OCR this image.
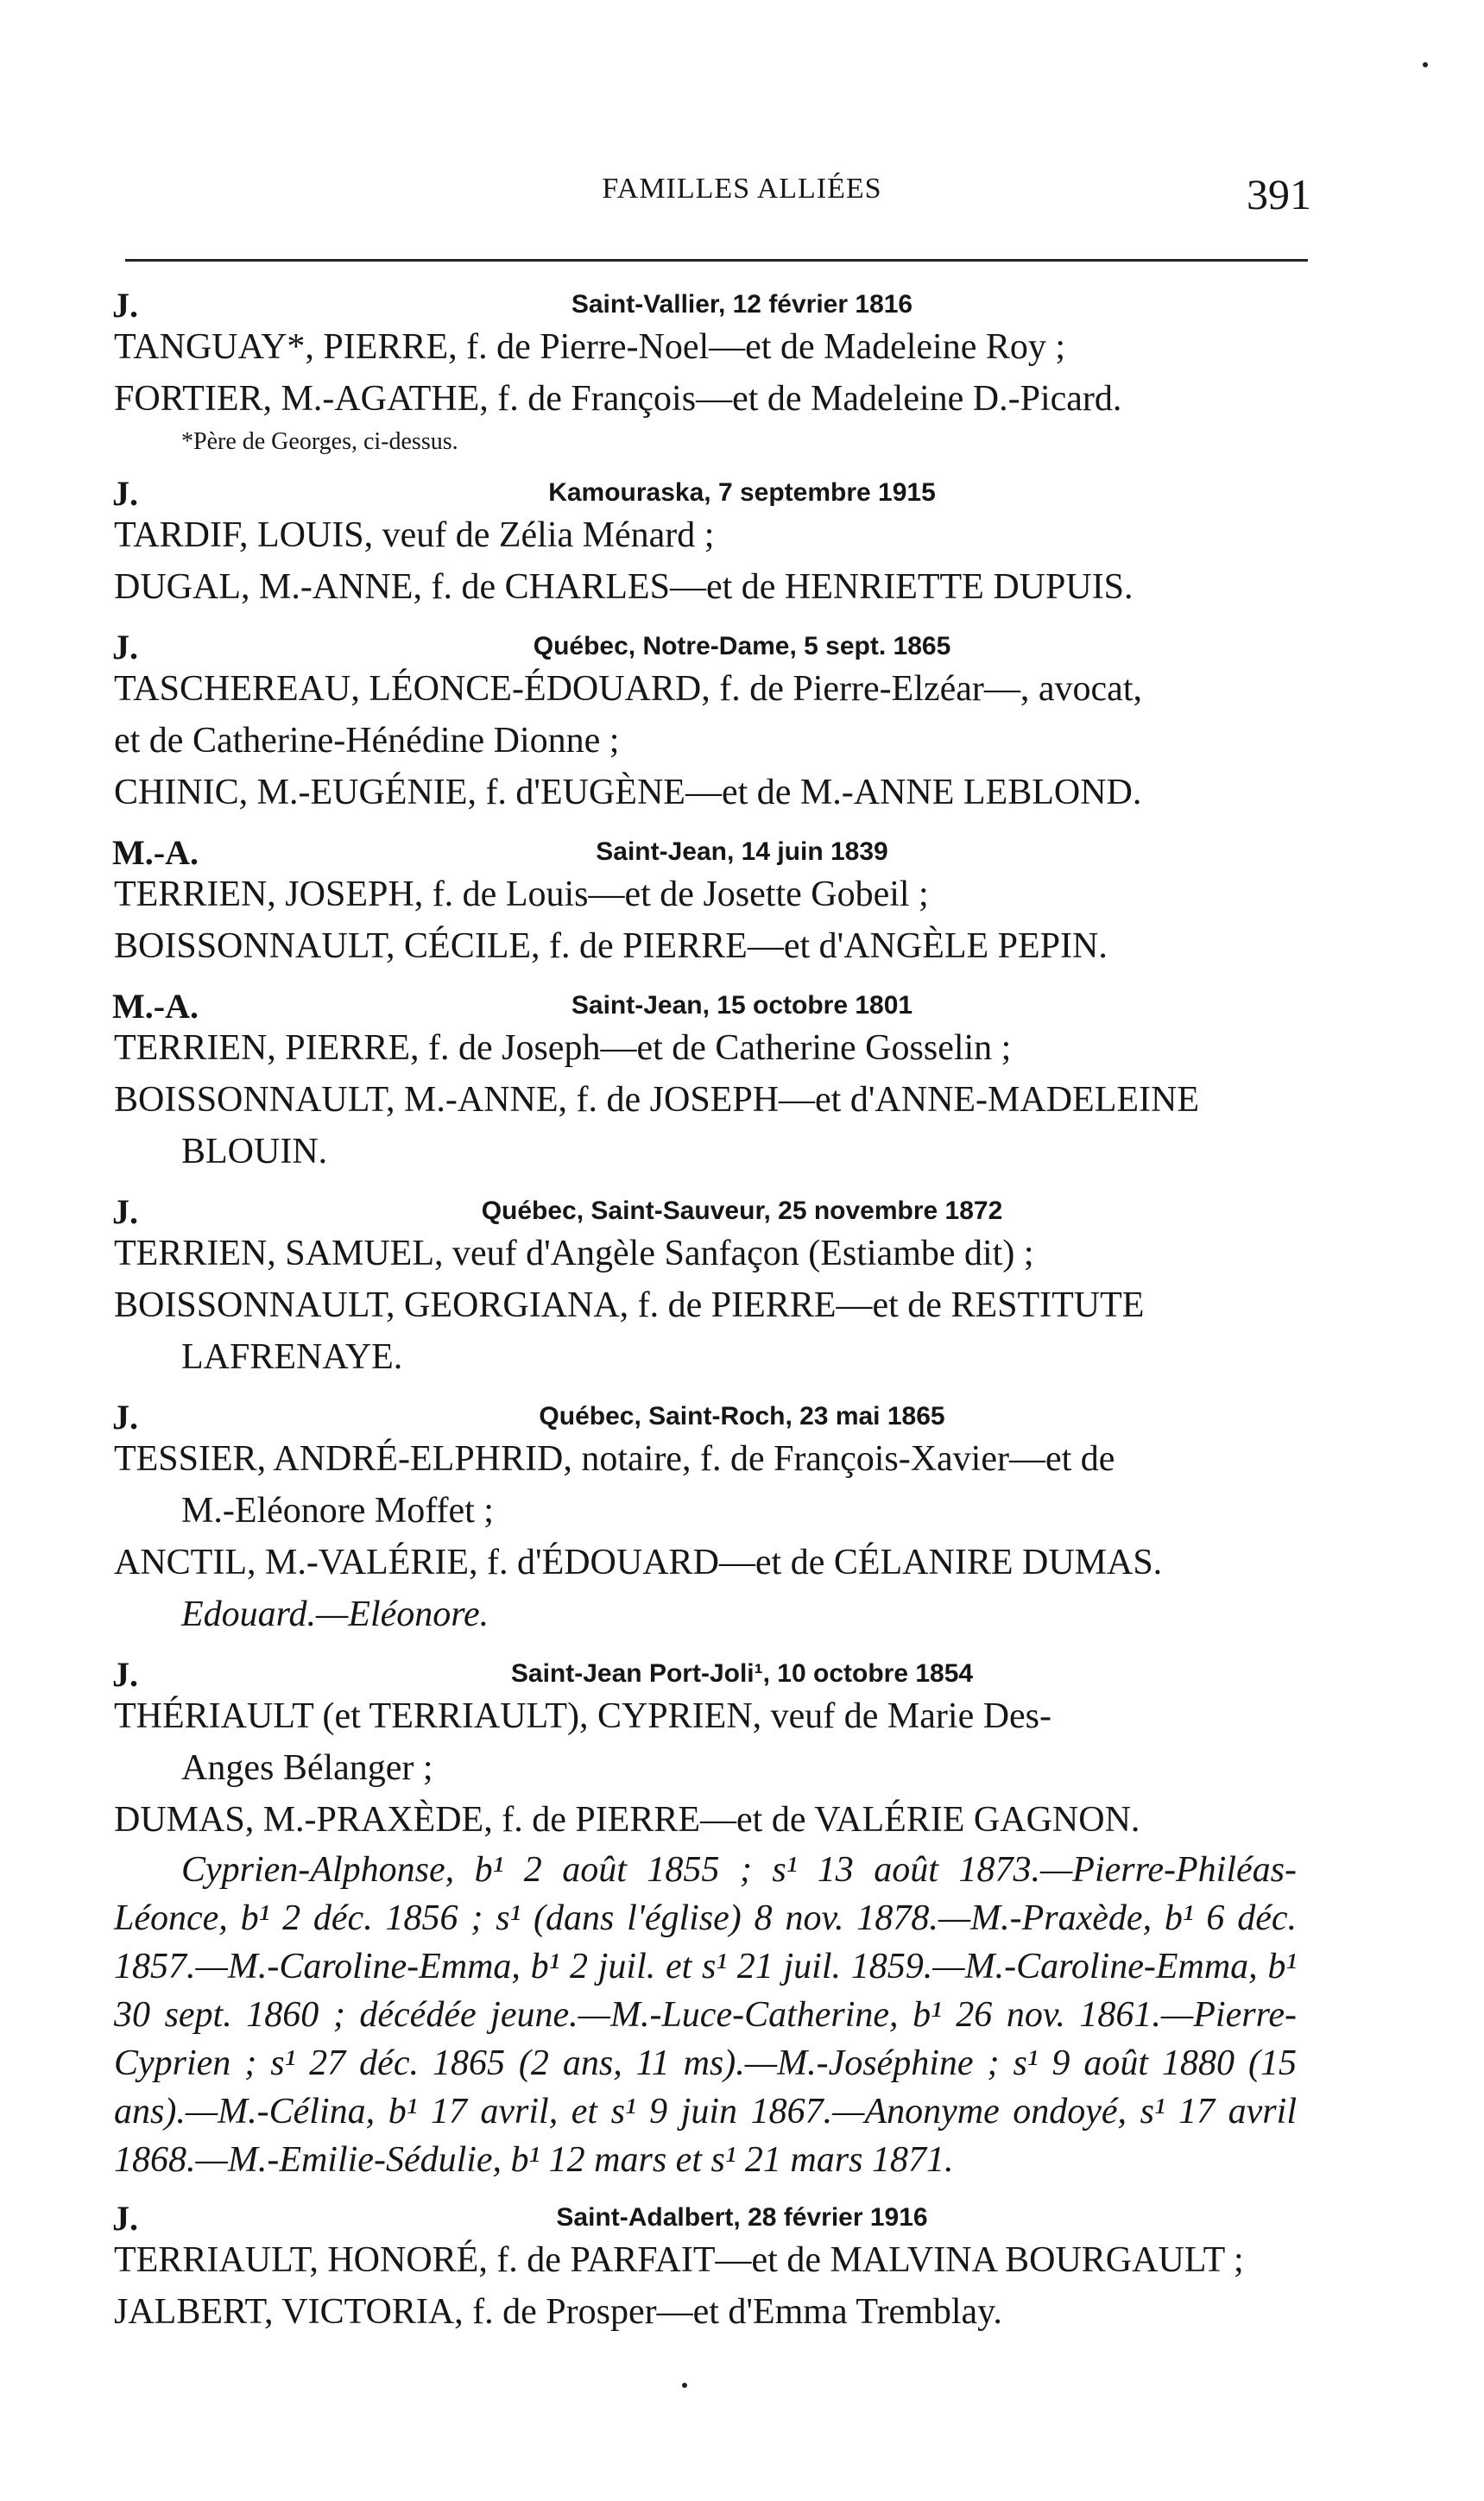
FAMILLES ALLIÉES	391
J.	Saint-Vallier, 12 février 1816
TANGUAY*, PIERRE, f. de Pierre-Noel—et de Madeleine Roy ;
FORTIER, M.-AGATHE, f. de François—et de Madeleine D.-Picard.
*Père de Georges, ci-dessus.
J.	Kamouraska, 7 septembre 1915
TARDIF, LOUIS, veuf de Zélia Ménard ;
DUGAL, M.-ANNE, f. de CHARLES—et de HENRIETTE DUPUIS.
J.	Québec, Notre-Dame, 5 sept. 1865
TASCHEREAU, LÉONCE-ÉDOUARD, f. de Pierre-Elzéar—, avocat,
et de Catherine-Hénédine Dionne ;
CHINIC, M.-EUGÉNIE, f. d'EUGÈNE—et de M.-ANNE LEBLOND.
M.-A.	Saint-Jean, 14 juin 1839
TERRIEN, JOSEPH, f. de Louis—et de Josette Gobeil ;
BOISSONNAULT, CÉCILE, f. de PIERRE—et d'ANGÈLE PEPIN.
M.-A.	Saint-Jean, 15 octobre 1801
TERRIEN, PIERRE, f. de Joseph—et de Catherine Gosselin ;
BOISSONNAULT, M.-ANNE, f. de JOSEPH—et d'ANNE-MADELEINE
BLOUIN.
J.	Québec, Saint-Sauveur, 25 novembre 1872
TERRIEN, SAMUEL, veuf d'Angèle Sanfaçon (Estiambe dit) ;
BOISSONNAULT, GEORGIANA, f. de PIERRE—et de RESTITUTE
LAFRENAYE.
J.	Québec, Saint-Roch, 23 mai 1865
TESSIER, ANDRÉ-ELPHRID, notaire, f. de François-Xavier—et de
M.-Eléonore Moffet ;
ANCTIL, M.-VALÉRIE, f. d'ÉDOUARD—et de CÉLANIRE DUMAS.
Edouard.—Eléonore.
J.	Saint-Jean Port-Joli¹, 10 octobre 1854
THÉRIAULT (et TERRIAULT), CYPRIEN, veuf de Marie Des-
Anges Bélanger ;
DUMAS, M.-PRAXÈDE, f. de PIERRE—et de VALÉRIE GAGNON.
Cyprien-Alphonse, b¹ 2 août 1855 ; s¹ 13 août 1873.—Pierre-Philéas-Léonce, b¹ 2 déc. 1856 ; s¹ (dans l'église) 8 nov. 1878.—M.-Praxède, b¹ 6 déc. 1857.—M.-Caroline-Emma, b¹ 2 juil. et s¹ 21 juil. 1859.—M.-Caroline-Emma, b¹ 30 sept. 1860 ; décédée jeune.—M.-Luce-Catherine, b¹ 26 nov. 1861.—Pierre-Cyprien ; s¹ 27 déc. 1865 (2 ans, 11 ms).—M.-Joséphine ; s¹ 9 août 1880 (15 ans).—M.-Célina, b¹ 17 avril, et s¹ 9 juin 1867.—Anonyme ondoyé, s¹ 17 avril 1868.—M.-Emilie-Sédulie, b¹ 12 mars et s¹ 21 mars 1871.
J.	Saint-Adalbert, 28 février 1916
TERRIAULT, HONORÉ, f. de PARFAIT—et de MALVINA BOURGAULT ;
JALBERT, VICTORIA, f. de Prosper—et d'Emma Tremblay.
